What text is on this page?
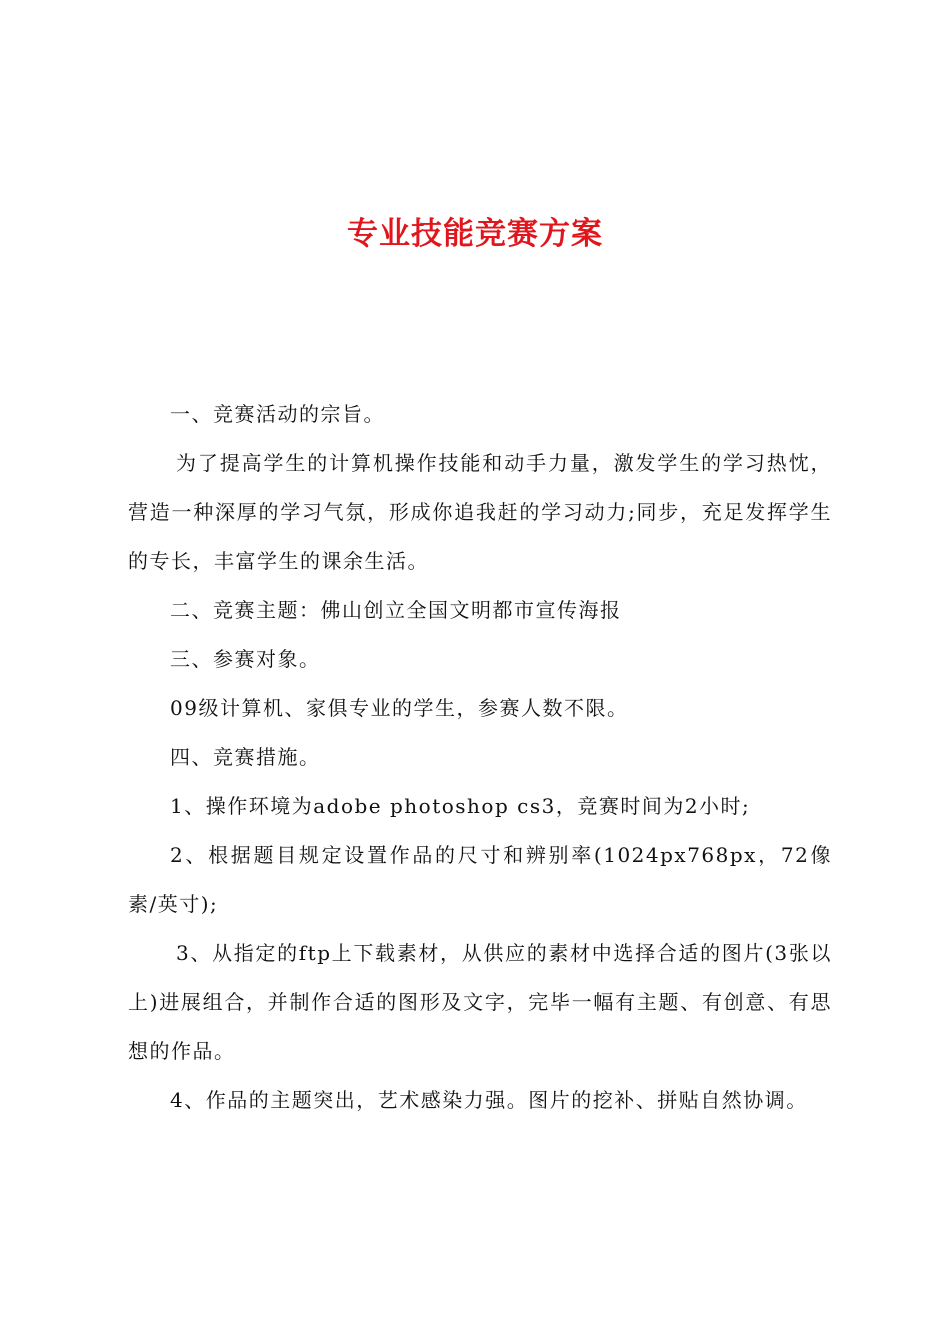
专业技能竞赛方案

一、竞赛活动的宗旨。

为了提高学生的计算机操作技能和动手力量，激发学生的学习热忱，营造一种深厚的学习气氛，形成你追我赶的学习动力;同步，充足发挥学生的专长，丰富学生的课余生活。

二、竞赛主题：佛山创立全国文明都市宣传海报

三、参赛对象。

09级计算机、家俱专业的学生，参赛人数不限。

四、竞赛措施。

1、操作环境为adobe photoshop cs3，竞赛时间为2小时;

2、根据题目规定设置作品的尺寸和辨别率(1024px768px，72像素/英寸);

3、从指定的ftp上下载素材，从供应的素材中选择合适的图片(3张以上)进展组合，并制作合适的图形及文字，完毕一幅有主题、有创意、有思想的作品。

4、作品的主题突出，艺术感染力强。图片的挖补、拼贴自然协调。
